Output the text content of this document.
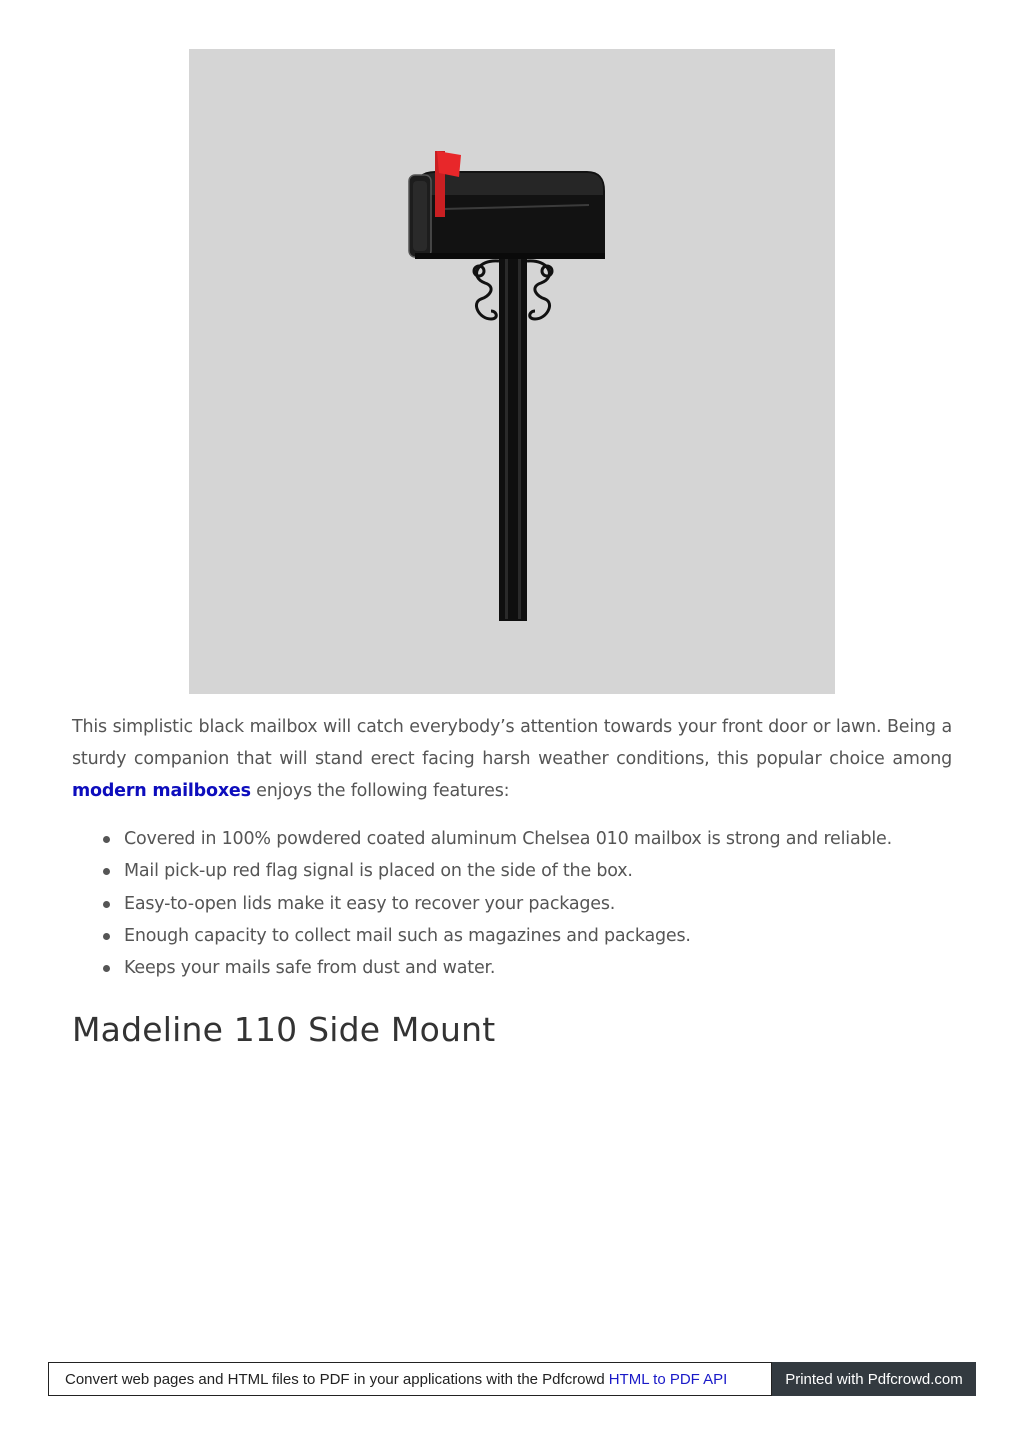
This simplistic black mailbox will catch everybody’s attention towards your front door or lawn. Being a sturdy companion that will stand erect facing harsh weather conditions, this popular choice among modern mailboxes enjoys the following features:

Covered in 100% powdered coated aluminum Chelsea 010 mailbox is strong and reliable.
Mail pick-up red flag signal is placed on the side of the box.
Easy-to-open lids make it easy to recover your packages.
Enough capacity to collect mail such as magazines and packages.
Keeps your mails safe from dust and water.
Madeline 110 Side Mount
Convert web pages and HTML files to PDF in your applications with the Pdfcrowd HTML to PDF API	Printed with Pdfcrowd.com
